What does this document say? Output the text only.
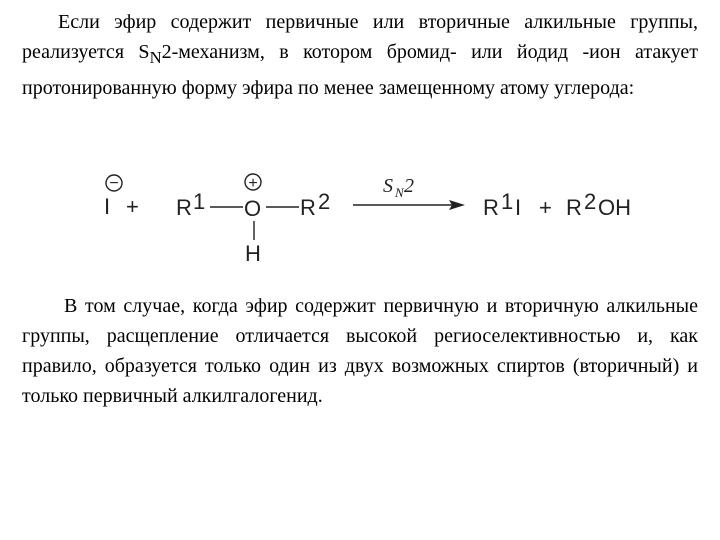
Если эфир содержит первичные или вторичные алкильные группы, реализуется $S_N2$-механизм, в котором бромид- или йодид -ион атакует протонированную форму эфира по менее замещенному атому углерода:

−
I + R 1
+
O R 2
H
S N 2
R 1 I + R 2 OH

В том случае, когда эфир содержит первичную и вторичную алкильные группы, расщепление отличается высокой региоселективностью и, как правило, образуется только один из двух возможных спиртов (вторичный) и только первичный алкилгалогенид.
